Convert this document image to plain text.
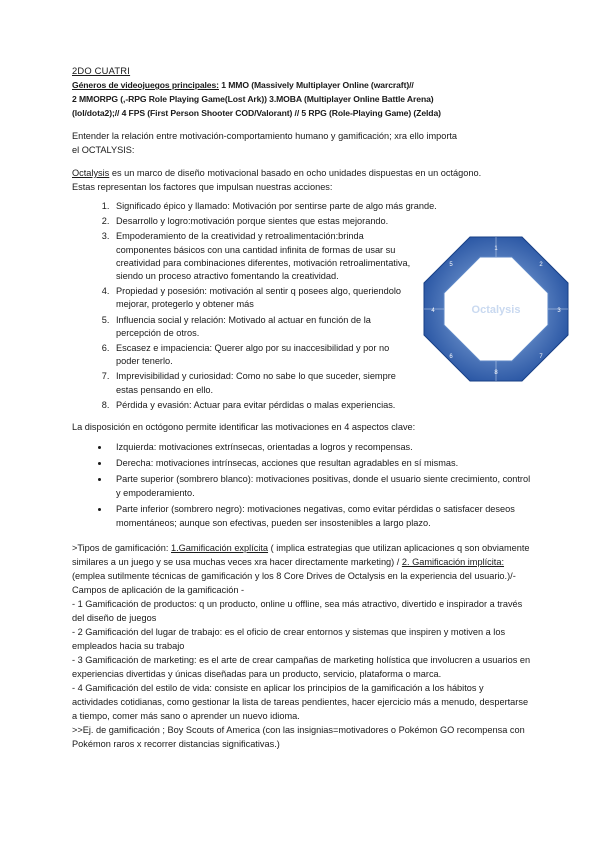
2DO CUATRI

Géneros de videojuegos principales: 1 MMO (Massively Multiplayer Online (warcraft)//

2 MMORPG (,-RPG Role Playing Game(Lost Ark)) 3.MOBA (Multiplayer Online Battle Arena)

(lol/dota2);// 4 FPS (First Person Shooter COD/Valorant) // 5 RPG (Role-Playing Game) (Zelda)

Entender la relación entre motivación-comportamiento humano y gamificación; xra ello importa

el OCTALYSIS:

Octalysis es un marco de diseño motivacional basado en ocho unidades dispuestas en un octágono.

Estas representan los factores que impulsan nuestras acciones:

1. Significado épico y llamado: Motivación por sentirse parte de algo más grande.
2. Desarrollo y logro:motivación porque sientes que estas mejorando.
3. Empoderamiento de la creatividad y retroalimentación:brinda componentes básicos con una cantidad infinita de formas de usar su creatividad para combinaciones diferentes, motivación retroalimentativa, siendo un proceso atractivo fomentando la creatividad.
4. Propiedad y posesión: motivación al sentir q posees algo, queriendolo mejorar, protegerlo y obtener más
5. Influencia social y relación: Motivado al actuar en función de la percepción de otros.
6. Escasez e impaciencia: Querer algo por su inaccesibilidad y por no poder tenerlo.
7. Imprevisibilidad y curiosidad: Como no sabe lo que suceder, siempre estas pensando en ello.
8. Pérdida y evasión: Actuar para evitar pérdidas o malas experiencias.

La disposición en octógono permite identificar las motivaciones en 4 aspectos clave:

• Izquierda: motivaciones extrínsecas, orientadas a logros y recompensas.
• Derecha: motivaciones intrínsecas, acciones que resultan agradables en sí mismas.
• Parte superior (sombrero blanco): motivaciones positivas, donde el usuario siente crecimiento, control y empoderamiento.
• Parte inferior (sombrero negro): motivaciones negativas, como evitar pérdidas o satisfacer deseos momentáneos; aunque son efectivas, pueden ser insostenibles a largo plazo.

>Tipos de gamificación: 1.Gamificación explícita ( implica estrategias que utilizan aplicaciones q son obviamente similares a un juego y se usa muchas veces xra hacer directamente marketing) / 2. Gamificación implícita: (emplea sutilmente técnicas de gamificación y los 8 Core Drives de Octalysis en la experiencia del usuario.)/- Campos de aplicación de la gamificación -

- 1 Gamificación de productos: q un producto, online u offline, sea más atractivo, divertido e inspirador a través del diseño de juegos

- 2 Gamificación del lugar de trabajo: es el oficio de crear entornos y sistemas que inspiren y motiven a los empleados hacia su trabajo

- 3 Gamificación de marketing: es el arte de crear campañas de marketing holística que involucren a usuarios en experiencias divertidas y únicas diseñadas para un producto, servicio, plataforma o marca.

- 4 Gamificación del estilo de vida: consiste en aplicar los principios de la gamificación a los hábitos y actividades cotidianas, como gestionar la lista de tareas pendientes, hacer ejercicio más a menudo, despertarse a tiempo, comer más sano o aprender un nuevo idioma.

>>Ej. de gamificación ; Boy Scouts of America (con las insignias=motivadores o Pokémon GO recompensa con Pokémon raros x recorrer distancias significativas.)

Octalysis
1
2
3
4
5
6	7
8
